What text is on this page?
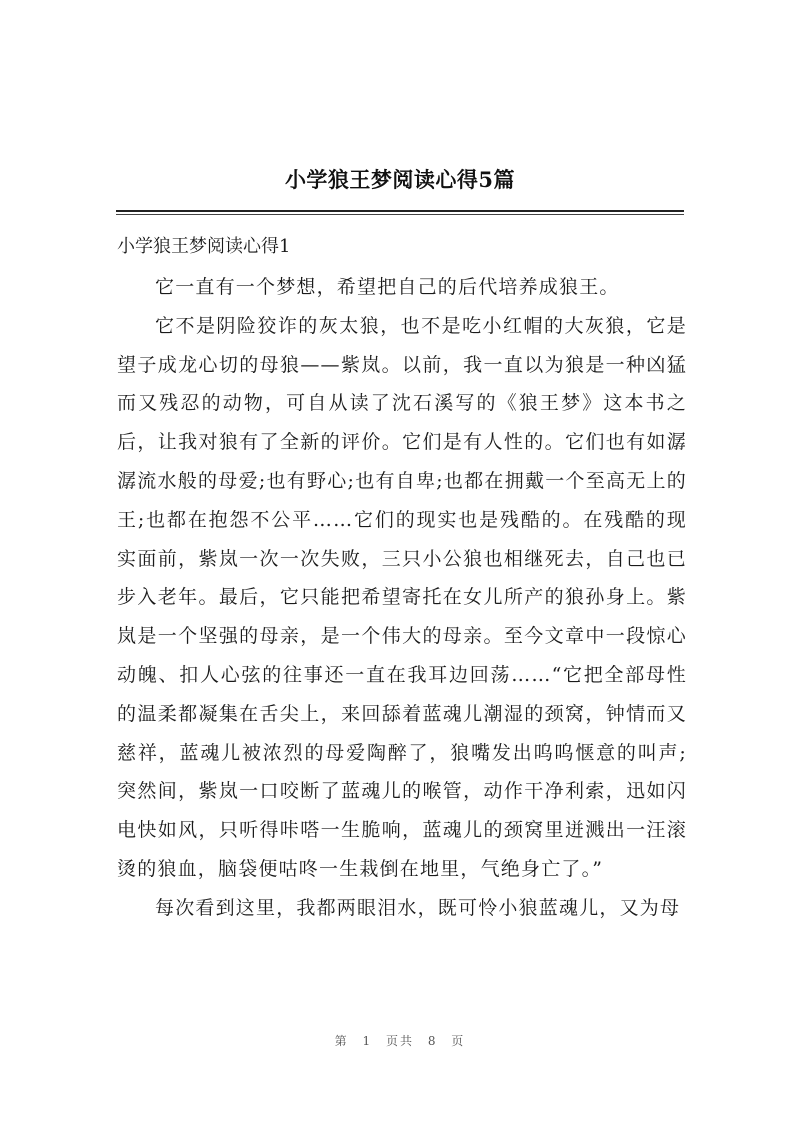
小学狼王梦阅读心得5篇
小学狼王梦阅读心得1

它一直有一个梦想，希望把自己的后代培养成狼王。

它不是阴险狡诈的灰太狼，也不是吃小红帽的大灰狼，它是望子成龙心切的母狼——紫岚。以前，我一直以为狼是一种凶猛而又残忍的动物，可自从读了沈石溪写的《狼王梦》这本书之后，让我对狼有了全新的评价。它们是有人性的。它们也有如潺潺流水般的母爱;也有野心;也有自卑;也都在拥戴一个至高无上的王;也都在抱怨不公平……它们的现实也是残酷的。在残酷的现实面前，紫岚一次一次失败，三只小公狼也相继死去，自己也已步入老年。最后，它只能把希望寄托在女儿所产的狼孙身上。紫岚是一个坚强的母亲，是一个伟大的母亲。至今文章中一段惊心动魄、扣人心弦的往事还一直在我耳边回荡……“它把全部母性的温柔都凝集在舌尖上，来回舔着蓝魂儿潮湿的颈窝，钟情而又慈祥，蓝魂儿被浓烈的母爱陶醉了，狼嘴发出呜呜惬意的叫声;突然间，紫岚一口咬断了蓝魂儿的喉管，动作干净利索，迅如闪电快如风，只听得咔嗒一生脆响，蓝魂儿的颈窝里迸溅出一汪滚烫的狼血，脑袋便咕咚一生栽倒在地里，气绝身亡了。”

每次看到这里，我都两眼泪水，既可怜小狼蓝魂儿，又为母

第 1 页共 8 页
